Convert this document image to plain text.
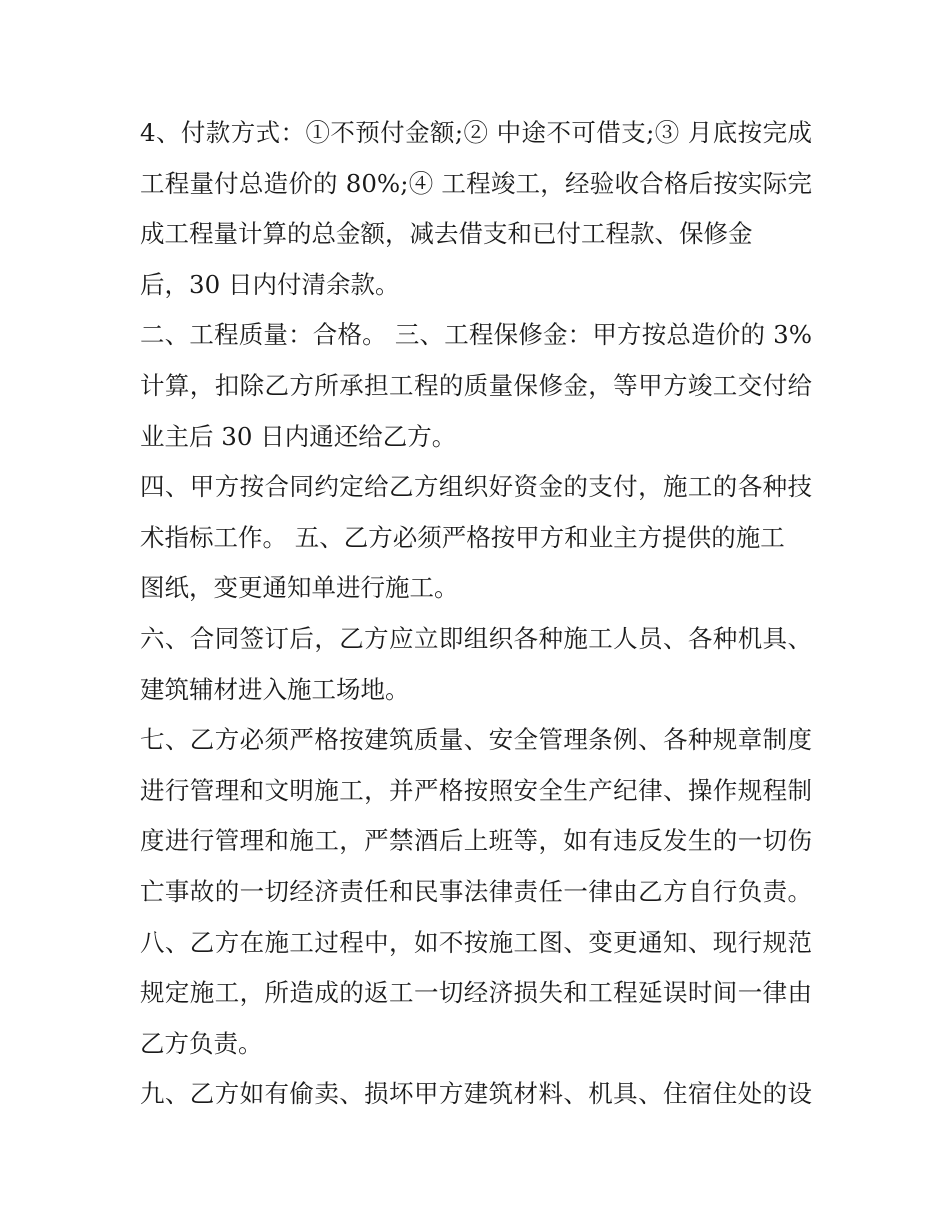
4、付款方式：①不预付金额;② 中途不可借支;③ 月底按完成
工程量付总造价的 80%;④ 工程竣工，经验收合格后按实际完
成工程量计算的总金额，减去借支和已付工程款、保修金
后，30 日内付清余款。
二、工程质量：合格。 三、工程保修金：甲方按总造价的 3%
计算，扣除乙方所承担工程的质量保修金，等甲方竣工交付给
业主后 30 日内通还给乙方。
四、甲方按合同约定给乙方组织好资金的支付，施工的各种技
术指标工作。 五、乙方必须严格按甲方和业主方提供的施工
图纸，变更通知单进行施工。
六、合同签订后，乙方应立即组织各种施工人员、各种机具、
建筑辅材进入施工场地。
七、乙方必须严格按建筑质量、安全管理条例、各种规章制度
进行管理和文明施工，并严格按照安全生产纪律、操作规程制
度进行管理和施工，严禁酒后上班等，如有违反发生的一切伤
亡事故的一切经济责任和民事法律责任一律由乙方自行负责。
八、乙方在施工过程中，如不按施工图、变更通知、现行规范
规定施工，所造成的返工一切经济损失和工程延误时间一律由
乙方负责。
九、乙方如有偷卖、损坏甲方建筑材料、机具、住宿住处的设
